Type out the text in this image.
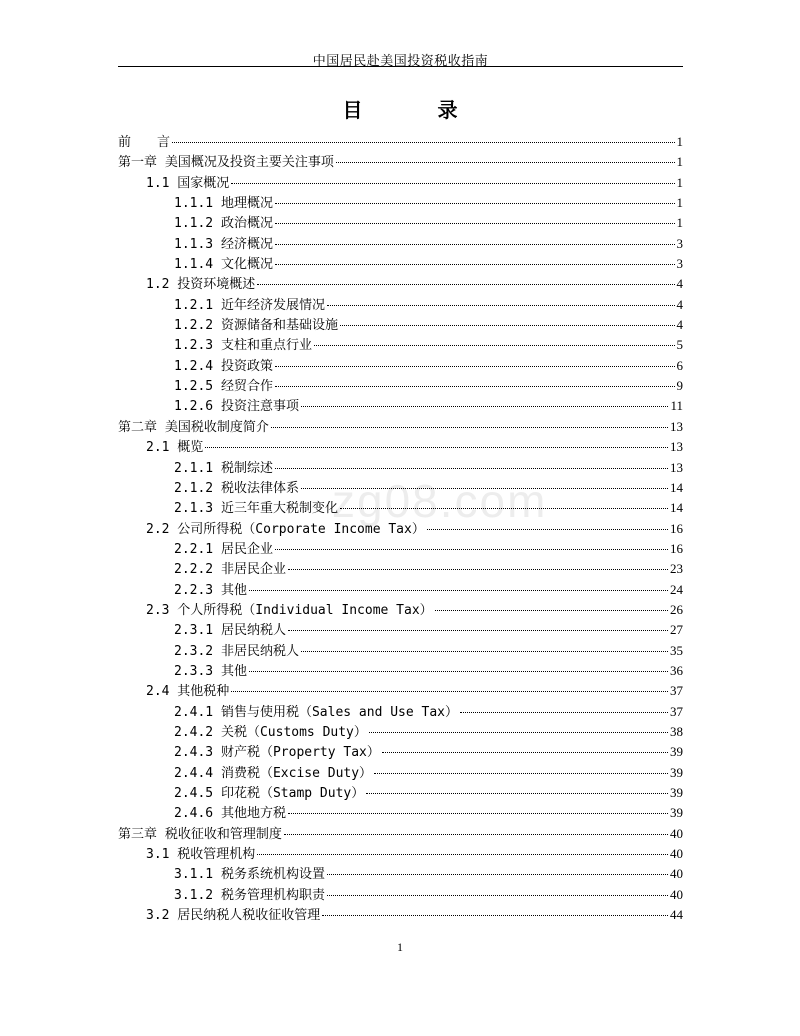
中国居民赴美国投资税收指南
目 录
zg08.com
前　　言	1
第一章 美国概况及投资主要关注事项	1
1.1 国家概况	1
1.1.1 地理概况	1
1.1.2 政治概况	1
1.1.3 经济概况	3
1.1.4 文化概况	3
1.2 投资环境概述	4
1.2.1 近年经济发展情况	4
1.2.2 资源储备和基础设施	4
1.2.3 支柱和重点行业	5
1.2.4 投资政策	6
1.2.5 经贸合作	9
1.2.6 投资注意事项	11
第二章 美国税收制度简介	13
2.1 概览	13
2.1.1 税制综述	13
2.1.2 税收法律体系	14
2.1.3 近三年重大税制变化	14
2.2 公司所得税（Corporate Income Tax）	16
2.2.1 居民企业	16
2.2.2 非居民企业	23
2.2.3 其他	24
2.3 个人所得税（Individual Income Tax）	26
2.3.1 居民纳税人	27
2.3.2 非居民纳税人	35
2.3.3 其他	36
2.4 其他税种	37
2.4.1 销售与使用税（Sales and Use Tax）	37
2.4.2 关税（Customs Duty）	38
2.4.3 财产税（Property Tax）	39
2.4.4 消费税（Excise Duty）	39
2.4.5 印花税（Stamp Duty）	39
2.4.6 其他地方税	39
第三章 税收征收和管理制度	40
3.1 税收管理机构	40
3.1.1 税务系统机构设置	40
3.1.2 税务管理机构职责	40
3.2 居民纳税人税收征收管理	44
1
